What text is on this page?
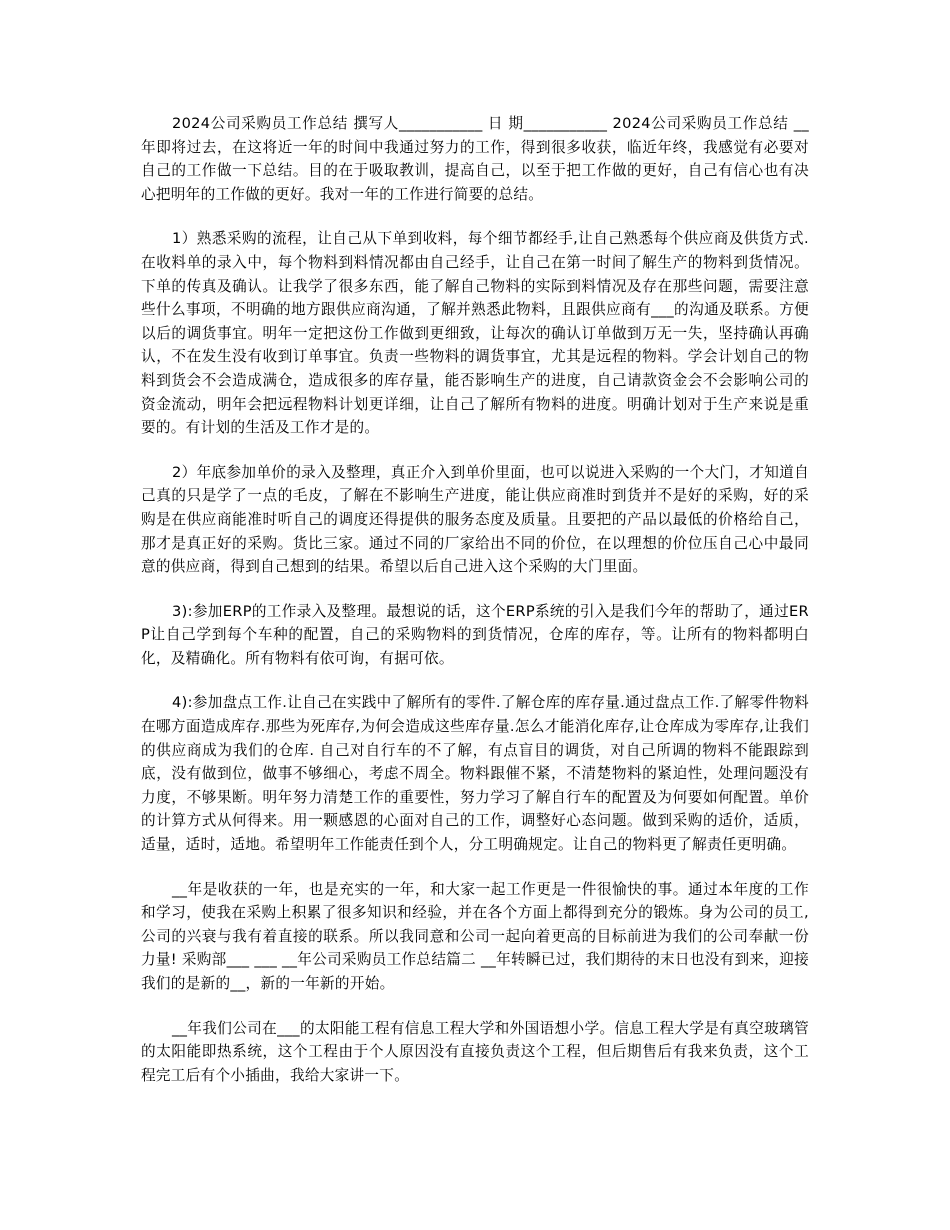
2024公司采购员工作总结 撰写人___________ 日 期___________ 2024公司采购员工作总结 __年即将过去，在这将近一年的时间中我通过努力的工作，得到很多收获，临近年终，我感觉有必要对自己的工作做一下总结。目的在于吸取教训，提高自己，以至于把工作做的更好，自己有信心也有决心把明年的工作做的更好。我对一年的工作进行简要的总结。

1）熟悉采购的流程，让自己从下单到收料，每个细节都经手,让自己熟悉每个供应商及供货方式.在收料单的录入中，每个物料到料情况都由自己经手，让自己在第一时间了解生产的物料到货情况。下单的传真及确认。让我学了很多东西，能了解自己物料的实际到料情况及存在那些问题，需要注意些什么事项，不明确的地方跟供应商沟通，了解并熟悉此物料，且跟供应商有___的沟通及联系。方便以后的调货事宜。明年一定把这份工作做到更细致，让每次的确认订单做到万无一失，坚持确认再确认，不在发生没有收到订单事宜。负责一些物料的调货事宜，尤其是远程的物料。学会计划自己的物料到货会不会造成满仓，造成很多的库存量，能否影响生产的进度，自己请款资金会不会影响公司的资金流动，明年会把远程物料计划更详细，让自己了解所有物料的进度。明确计划对于生产来说是重要的。有计划的生活及工作才是的。

2）年底参加单价的录入及整理，真正介入到单价里面，也可以说进入采购的一个大门，才知道自己真的只是学了一点的毛皮，了解在不影响生产进度，能让供应商准时到货并不是好的采购，好的采购是在供应商能准时听自己的调度还得提供的服务态度及质量。且要把的产品以最低的价格给自己，那才是真正好的采购。货比三家。通过不同的厂家给出不同的价位，在以理想的价位压自己心中最同意的供应商，得到自己想到的结果。希望以后自己进入这个采购的大门里面。

3):参加ERP的工作录入及整理。最想说的话，这个ERP系统的引入是我们今年的帮助了，通过ERP让自己学到每个车种的配置，自己的采购物料的到货情况，仓库的库存，等。让所有的物料都明白化，及精确化。所有物料有依可询，有据可依。

4):参加盘点工作.让自己在实践中了解所有的零件.了解仓库的库存量.通过盘点工作.了解零件物料在哪方面造成库存.那些为死库存,为何会造成这些库存量.怎么才能消化库存,让仓库成为零库存,让我们的供应商成为我们的仓库. 自己对自行车的不了解，有点盲目的调货，对自己所调的物料不能跟踪到底，没有做到位，做事不够细心，考虑不周全。物料跟催不紧，不清楚物料的紧迫性，处理问题没有力度，不够果断。明年努力清楚工作的重要性，努力学习了解自行车的配置及为何要如何配置。单价的计算方式从何得来。用一颗感恩的心面对自己的工作，调整好心态问题。做到采购的适价，适质，适量，适时，适地。希望明年工作能责任到个人，分工明确规定。让自己的物料更了解责任更明确。

__年是收获的一年，也是充实的一年，和大家一起工作更是一件很愉快的事。通过本年度的工作和学习，使我在采购上积累了很多知识和经验，并在各个方面上都得到充分的锻炼。身为公司的员工,公司的兴衰与我有着直接的联系。所以我同意和公司一起向着更高的目标前进为我们的公司奉献一份力量! 采购部___ ___ __年公司采购员工作总结篇二 __年转瞬已过，我们期待的末日也没有到来，迎接我们的是新的__，新的一年新的开始。

__年我们公司在___的太阳能工程有信息工程大学和外国语想小学。信息工程大学是有真空玻璃管的太阳能即热系统，这个工程由于个人原因没有直接负责这个工程，但后期售后有我来负责，这个工程完工后有个小插曲，我给大家讲一下。
